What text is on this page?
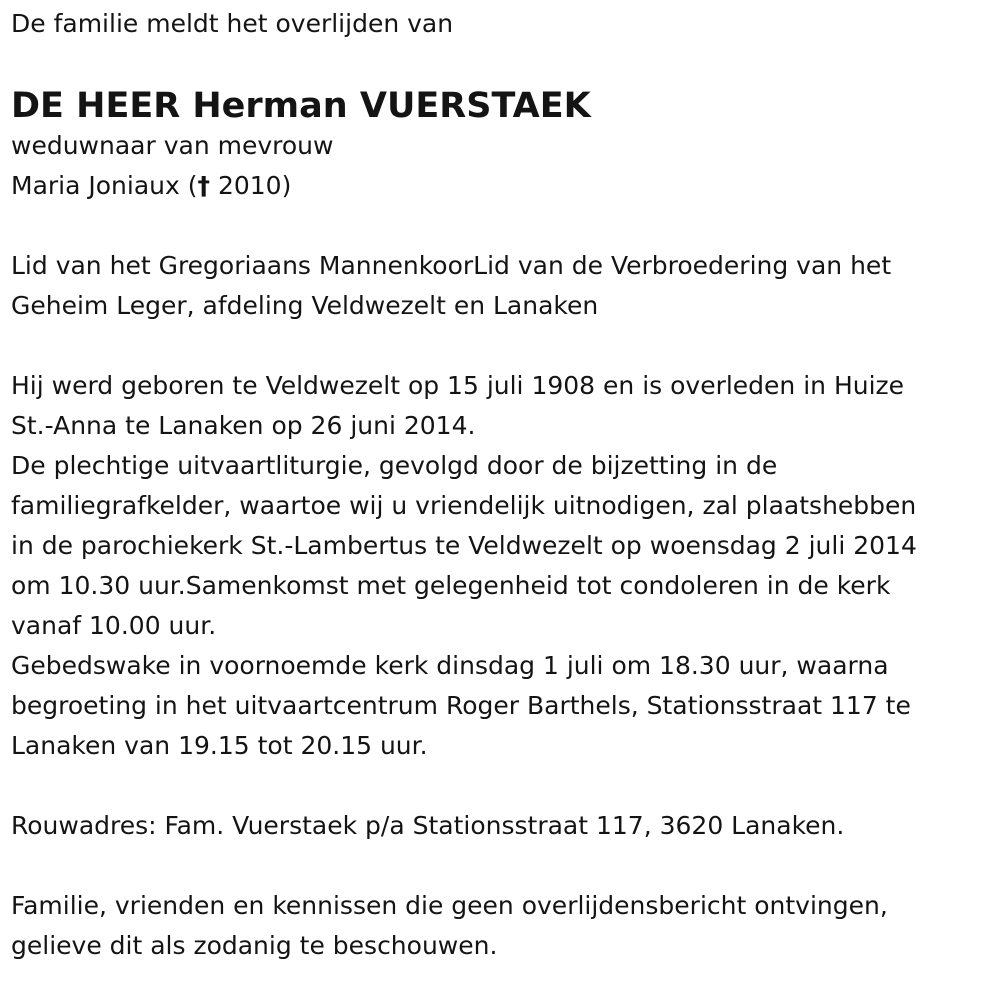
De familie meldt het overlijden van

DE HEER Herman VUERSTAEK

weduwnaar van mevrouw

Maria Joniaux († 2010)

Lid van het Gregoriaans MannenkoorLid van de Verbroedering van het

Geheim Leger, afdeling Veldwezelt en Lanaken

Hij werd geboren te Veldwezelt op 15 juli 1908 en is overleden in Huize

St.-Anna te Lanaken op 26 juni 2014.

De plechtige uitvaartliturgie, gevolgd door de bijzetting in de

familiegrafkelder, waartoe wij u vriendelijk uitnodigen, zal plaatshebben

in de parochiekerk St.-Lambertus te Veldwezelt op woensdag 2 juli 2014

om 10.30 uur.Samenkomst met gelegenheid tot condoleren in de kerk

vanaf 10.00 uur.

Gebedswake in voornoemde kerk dinsdag 1 juli om 18.30 uur, waarna

begroeting in het uitvaartcentrum Roger Barthels, Stationsstraat 117 te

Lanaken van 19.15 tot 20.15 uur.

Rouwadres: Fam. Vuerstaek p/a Stationsstraat 117, 3620 Lanaken.

Familie, vrienden en kennissen die geen overlijdensbericht ontvingen,

gelieve dit als zodanig te beschouwen.
